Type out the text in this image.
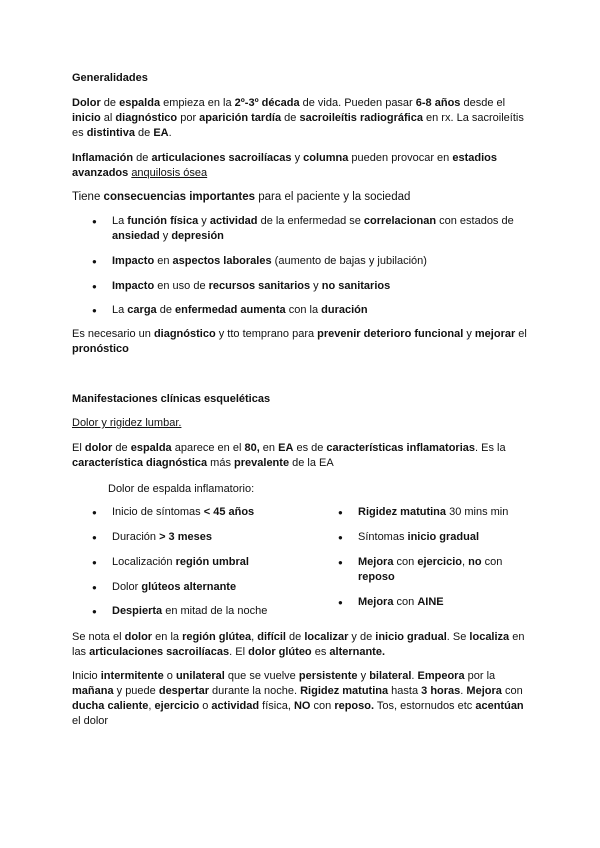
Generalidades

Dolor de espalda empieza en la 2º-3º década de vida. Pueden pasar 6-8 años desde el inicio al diagnóstico por aparición tardía de sacroileítis radiográfica en rx. La sacroileítis es distintiva de EA.

Inflamación de articulaciones sacroilíacas y columna pueden provocar en estadios avanzados anquilosis ósea

Tiene consecuencias importantes para el paciente y la sociedad

● La función física y actividad de la enfermedad se correlacionan con estados de ansiedad y depresión
● Impacto en aspectos laborales (aumento de bajas y jubilación)
● Impacto en uso de recursos sanitarios y no sanitarios
● La carga de enfermedad aumenta con la duración

Es necesario un diagnóstico y tto temprano para prevenir deterioro funcional y mejorar el pronóstico

Manifestaciones clínicas esqueléticas

Dolor y rigidez lumbar.

El dolor de espalda aparece en el 80, en EA es de características inflamatorias. Es la característica diagnóstica más prevalente de la EA

Dolor de espalda inflamatorio:

● Inicio de síntomas < 45 años
● Duración > 3 meses
● Localización región umbral
● Dolor glúteos alternante
● Despierta en mitad de la noche
● Rigidez matutina 30 mins min
● Síntomas inicio gradual
● Mejora con ejercicio, no con reposo
● Mejora con AINE

Se nota el dolor en la región glútea, difícil de localizar y de inicio gradual. Se localiza en las articulaciones sacroilíacas. El dolor glúteo es alternante.

Inicio intermitente o unilateral que se vuelve persistente y bilateral. Empeora por la mañana y puede despertar durante la noche. Rigidez matutina hasta 3 horas. Mejora con ducha caliente, ejercicio o actividad física, NO con reposo. Tos, estornudos etc acentúan el dolor
